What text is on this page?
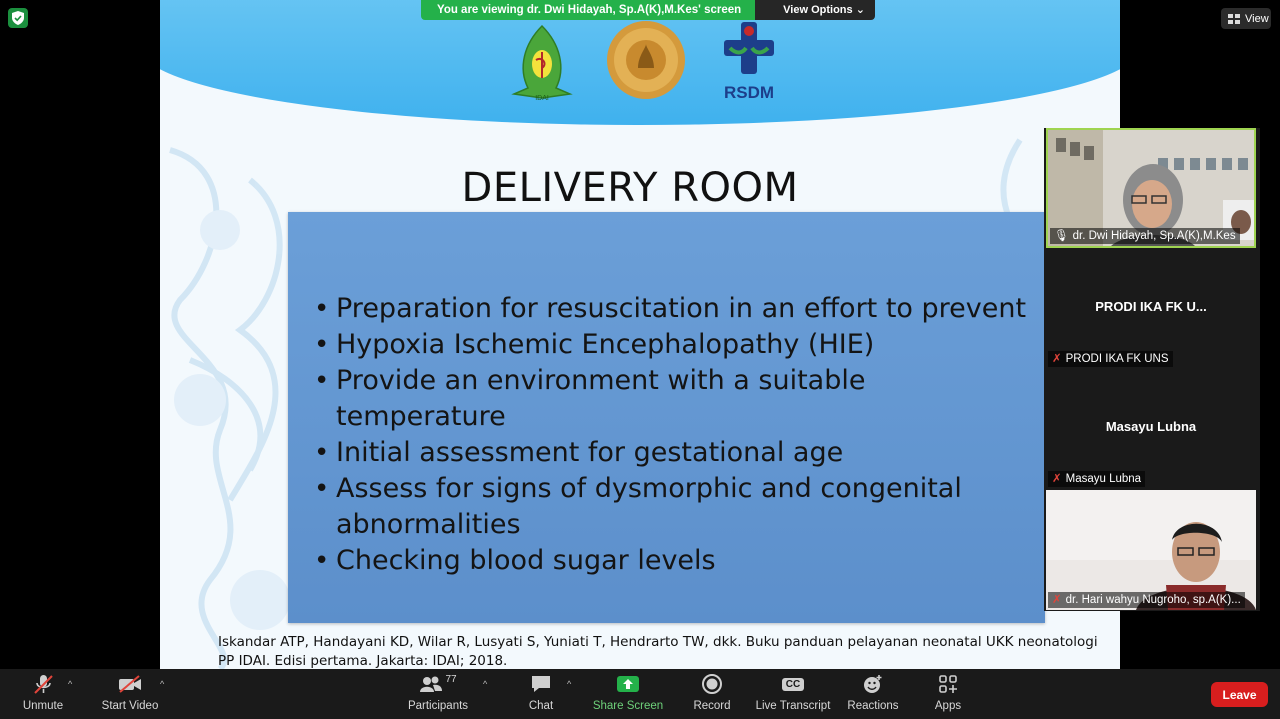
IDAI	RSDM
DELIVERY ROOM
• Preparation for resuscitation in an effort to prevent
• Hypoxia Ischemic Encephalopathy (HIE)
• Provide an environment with a suitable temperature
• Initial assessment for gestational age
• Assess for signs of dysmorphic and congenital abnormalities
• Checking blood sugar levels
Iskandar ATP, Handayani KD, Wilar R, Lusyati S, Yuniati T, Hendrarto TW, dkk. Buku panduan pelayanan neonatal UKK neonatologi PP IDAI. Edisi pertama. Jakarta: IDAI; 2018.
You are viewing dr. Dwi Hidayah, Sp.A(K),M.Kes' screen	View Options ⌄
View
🎙 dr. Dwi Hidayah, Sp.A(K),M.Kes
PRODI IKA FK U...
✗ PRODI IKA FK UNS
Masayu Lubna
✗ Masayu Lubna
✗ dr. Hari wahyu Nugroho, sp.A(K)...
Unmute
^
Start Video
^	77
Participants
^
Chat
^
Share Screen	Record
CC
Live Transcript Reactions	Apps
Leave
